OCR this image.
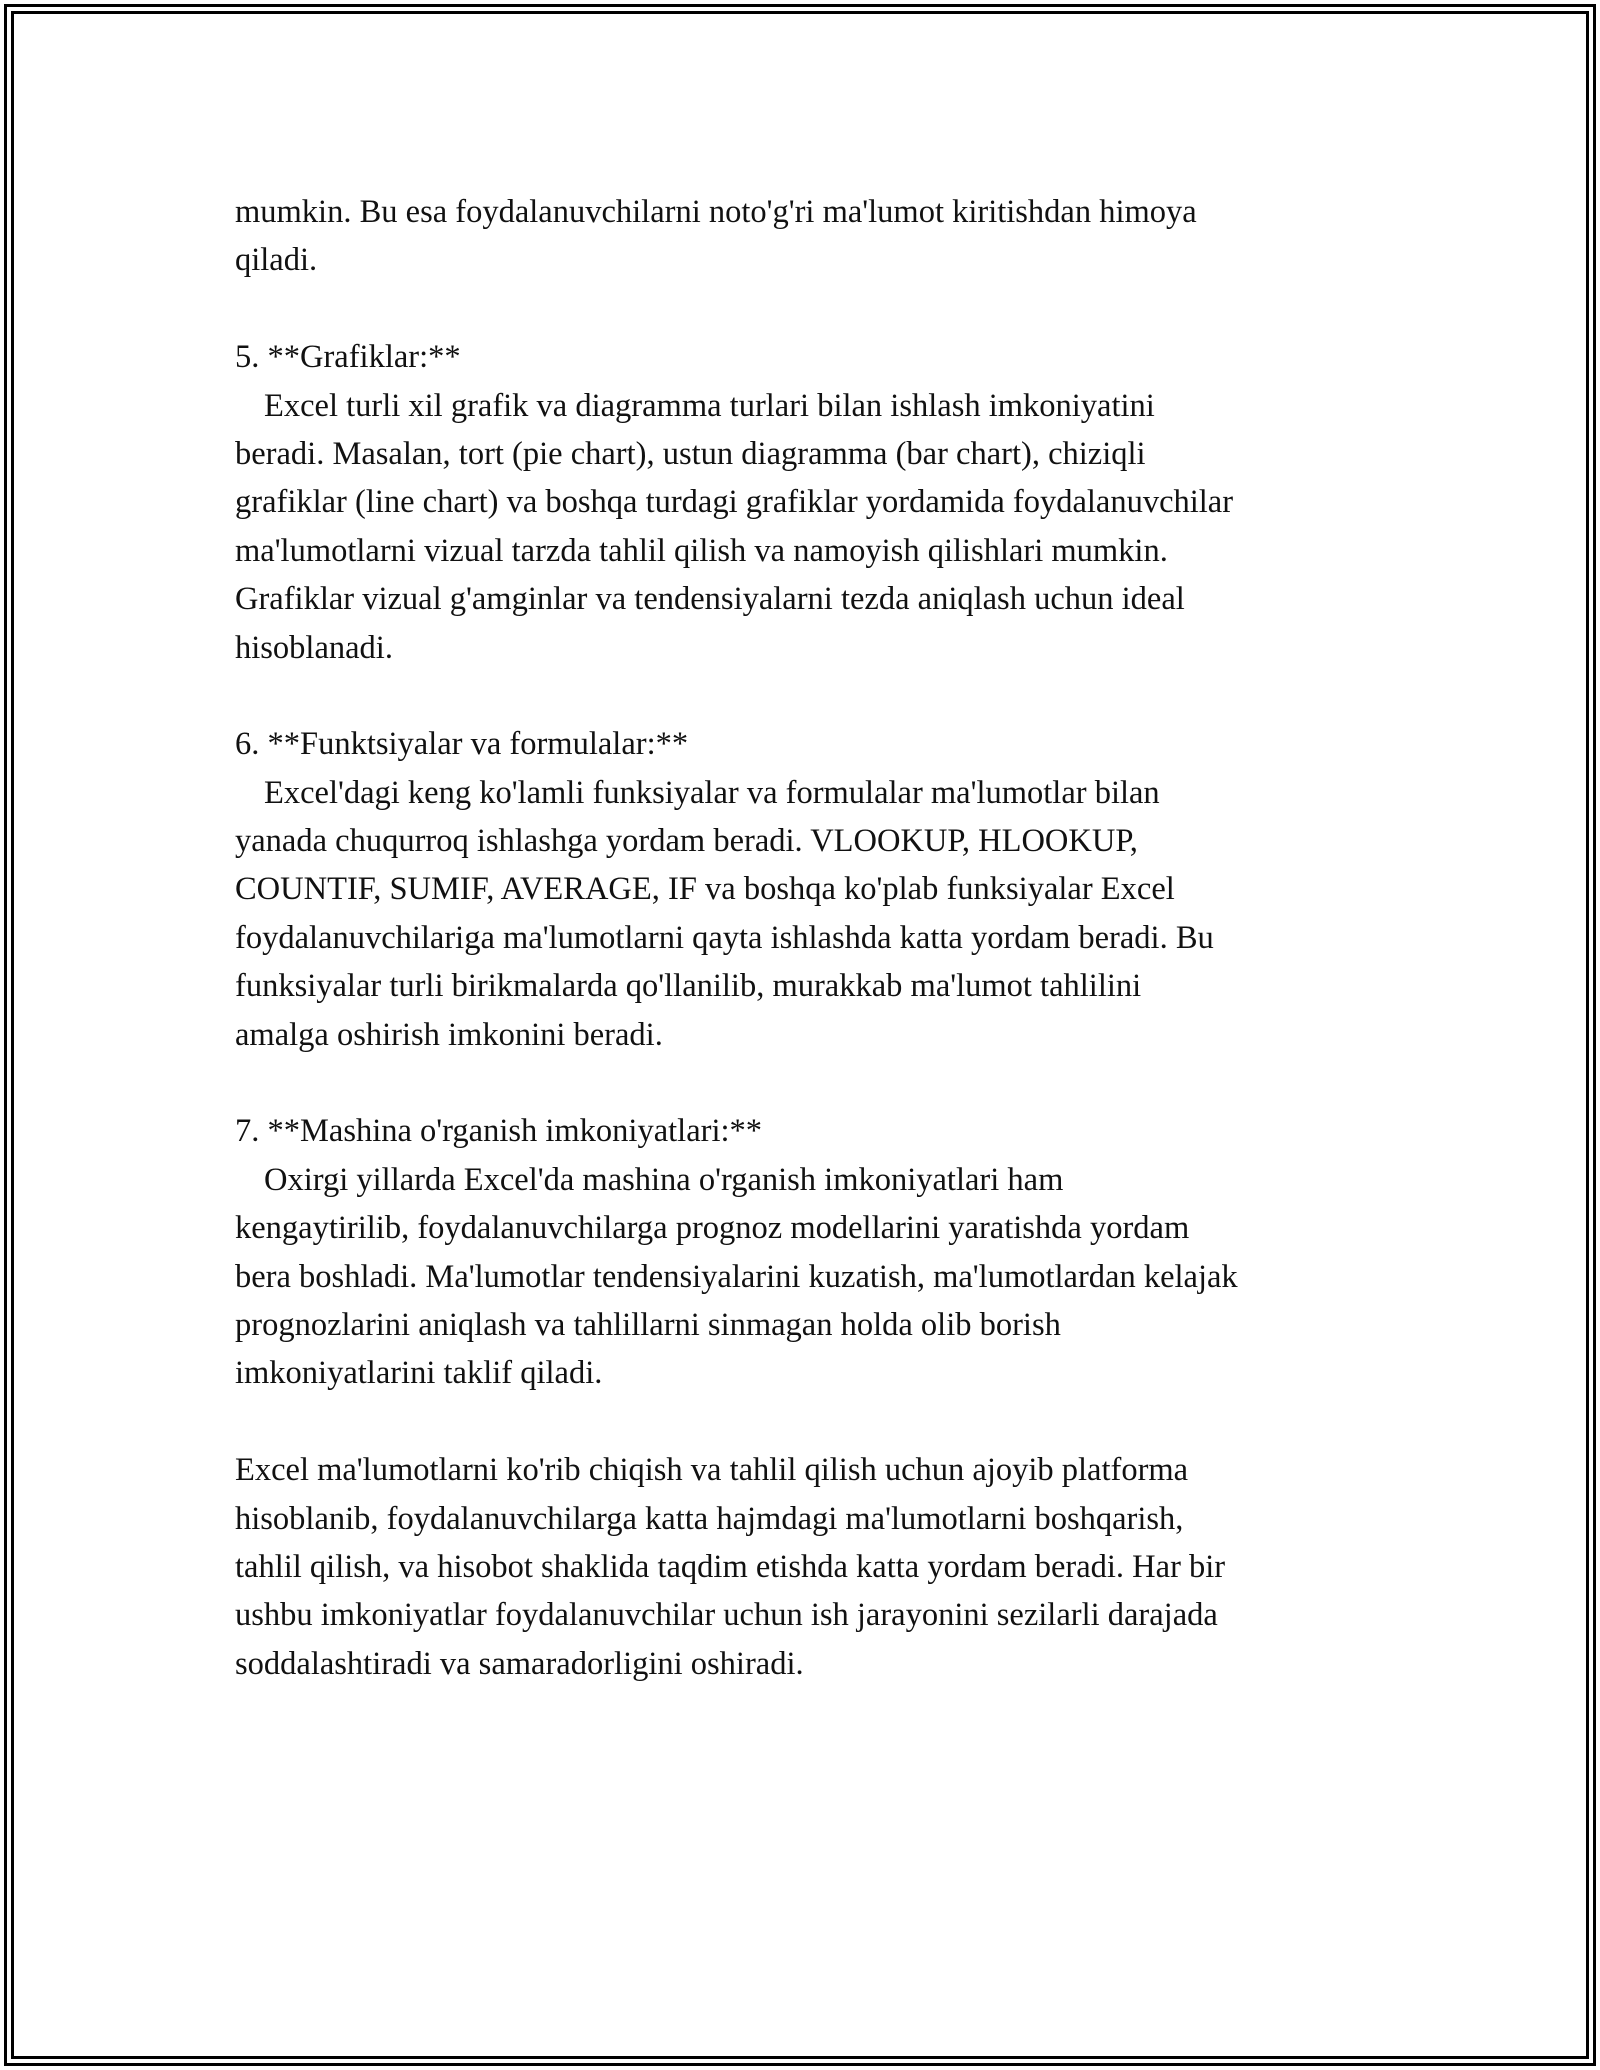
mumkin. Bu esa foydalanuvchilarni noto'g'ri ma'lumot kiritishdan himoya
qiladi.
5. **Grafiklar:**
Excel turli xil grafik va diagramma turlari bilan ishlash imkoniyatini
beradi. Masalan, tort (pie chart), ustun diagramma (bar chart), chiziqli
grafiklar (line chart) va boshqa turdagi grafiklar yordamida foydalanuvchilar
ma'lumotlarni vizual tarzda tahlil qilish va namoyish qilishlari mumkin.
Grafiklar vizual g'amginlar va tendensiyalarni tezda aniqlash uchun ideal
hisoblanadi.
6. **Funktsiyalar va formulalar:**
Excel'dagi keng ko'lamli funksiyalar va formulalar ma'lumotlar bilan
yanada chuqurroq ishlashga yordam beradi. VLOOKUP, HLOOKUP,
COUNTIF, SUMIF, AVERAGE, IF va boshqa ko'plab funksiyalar Excel
foydalanuvchilariga ma'lumotlarni qayta ishlashda katta yordam beradi. Bu
funksiyalar turli birikmalarda qo'llanilib, murakkab ma'lumot tahlilini
amalga oshirish imkonini beradi.
7. **Mashina o'rganish imkoniyatlari:**
Oxirgi yillarda Excel'da mashina o'rganish imkoniyatlari ham
kengaytirilib, foydalanuvchilarga prognoz modellarini yaratishda yordam
bera boshladi. Ma'lumotlar tendensiyalarini kuzatish, ma'lumotlardan kelajak
prognozlarini aniqlash va tahlillarni sinmagan holda olib borish
imkoniyatlarini taklif qiladi.
Excel ma'lumotlarni ko'rib chiqish va tahlil qilish uchun ajoyib platforma
hisoblanib, foydalanuvchilarga katta hajmdagi ma'lumotlarni boshqarish,
tahlil qilish, va hisobot shaklida taqdim etishda katta yordam beradi. Har bir
ushbu imkoniyatlar foydalanuvchilar uchun ish jarayonini sezilarli darajada
soddalashtiradi va samaradorligini oshiradi.
